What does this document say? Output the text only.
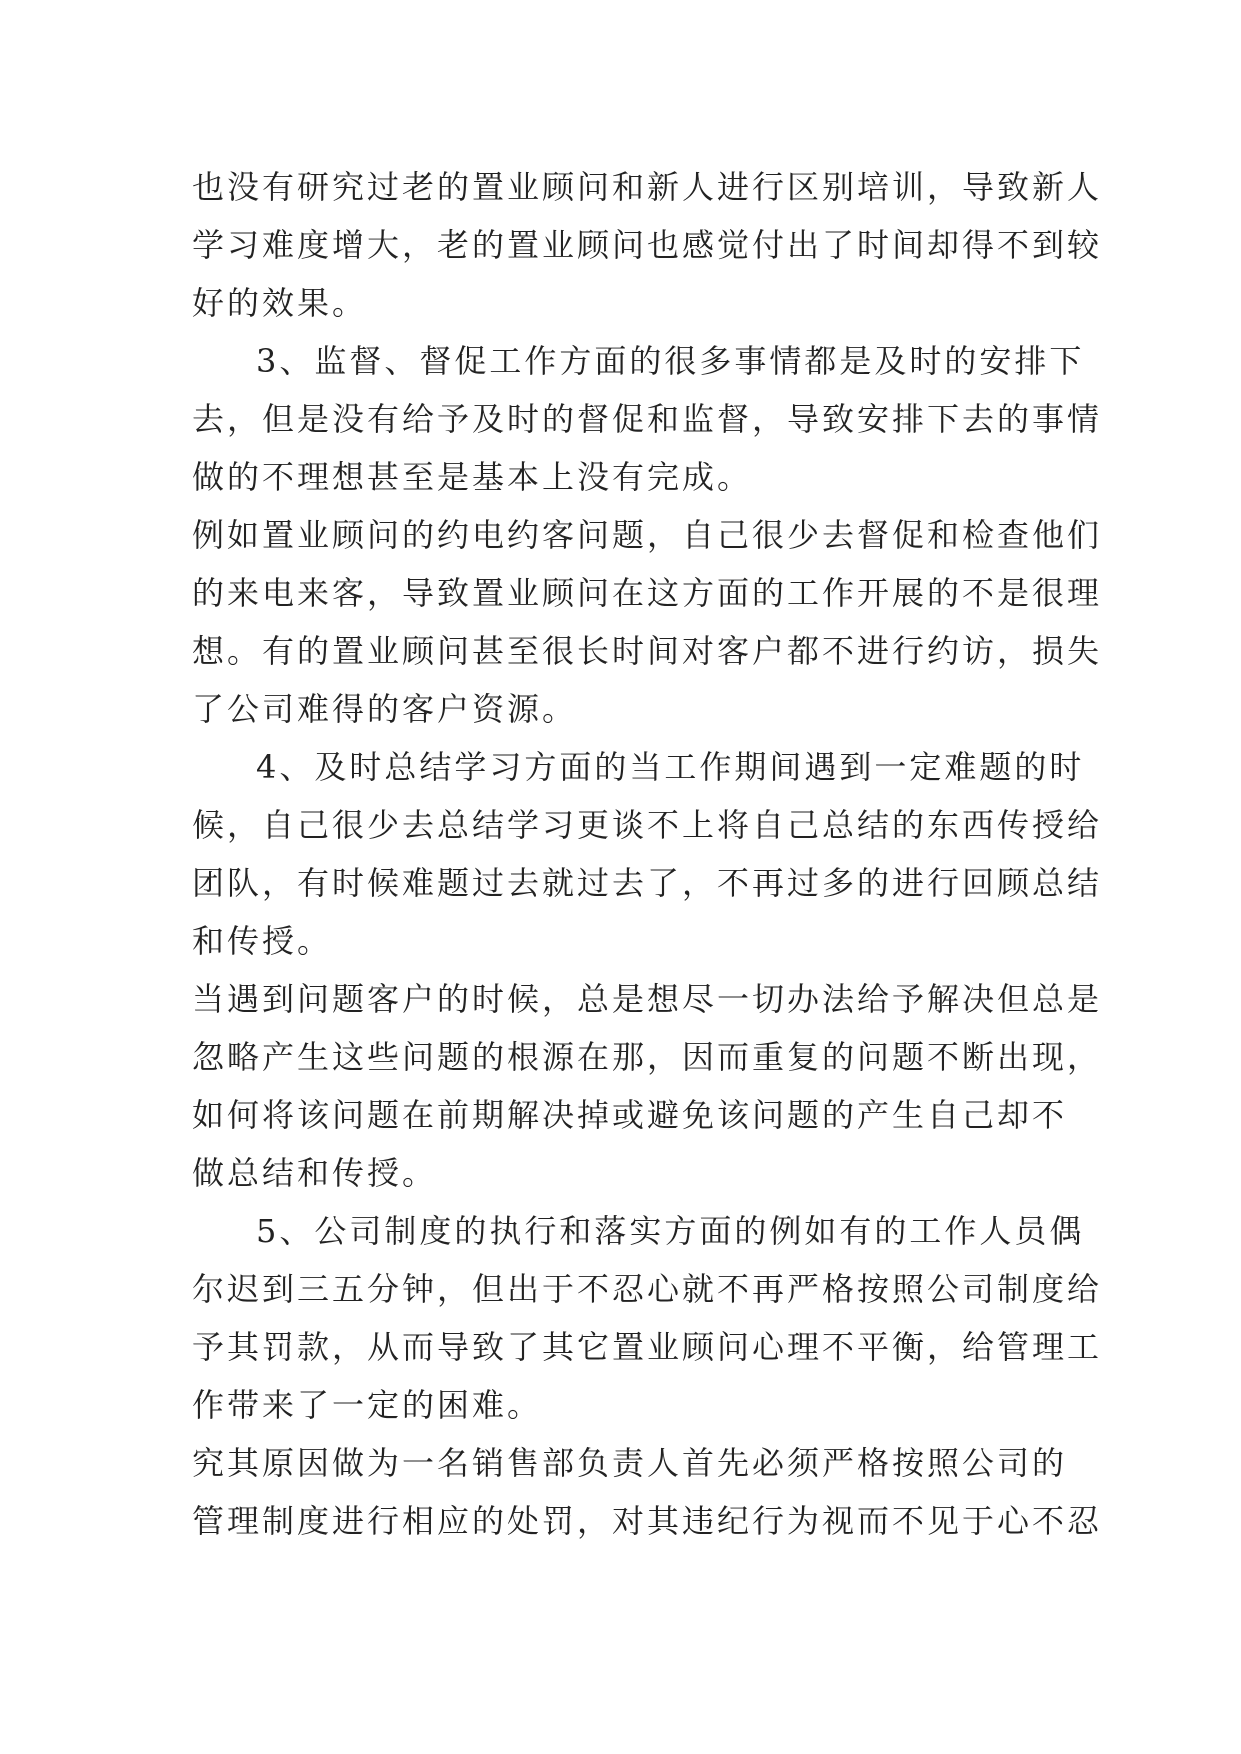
也没有研究过老的置业顾问和新人进行区别培训，导致新人
学习难度增大，老的置业顾问也感觉付出了时间却得不到较
好的效果。
3、监督、督促工作方面的很多事情都是及时的安排下
去，但是没有给予及时的督促和监督，导致安排下去的事情
做的不理想甚至是基本上没有完成。
例如置业顾问的约电约客问题，自己很少去督促和检查他们
的来电来客，导致置业顾问在这方面的工作开展的不是很理
想。有的置业顾问甚至很长时间对客户都不进行约访，损失
了公司难得的客户资源。
4、及时总结学习方面的当工作期间遇到一定难题的时
候，自己很少去总结学习更谈不上将自己总结的东西传授给
团队，有时候难题过去就过去了，不再过多的进行回顾总结
和传授。
当遇到问题客户的时候，总是想尽一切办法给予解决但总是
忽略产生这些问题的根源在那，因而重复的问题不断出现，
如何将该问题在前期解决掉或避免该问题的产生自己却不
做总结和传授。
5、公司制度的执行和落实方面的例如有的工作人员偶
尔迟到三五分钟，但出于不忍心就不再严格按照公司制度给
予其罚款，从而导致了其它置业顾问心理不平衡，给管理工
作带来了一定的困难。
究其原因做为一名销售部负责人首先必须严格按照公司的
管理制度进行相应的处罚，对其违纪行为视而不见于心不忍
